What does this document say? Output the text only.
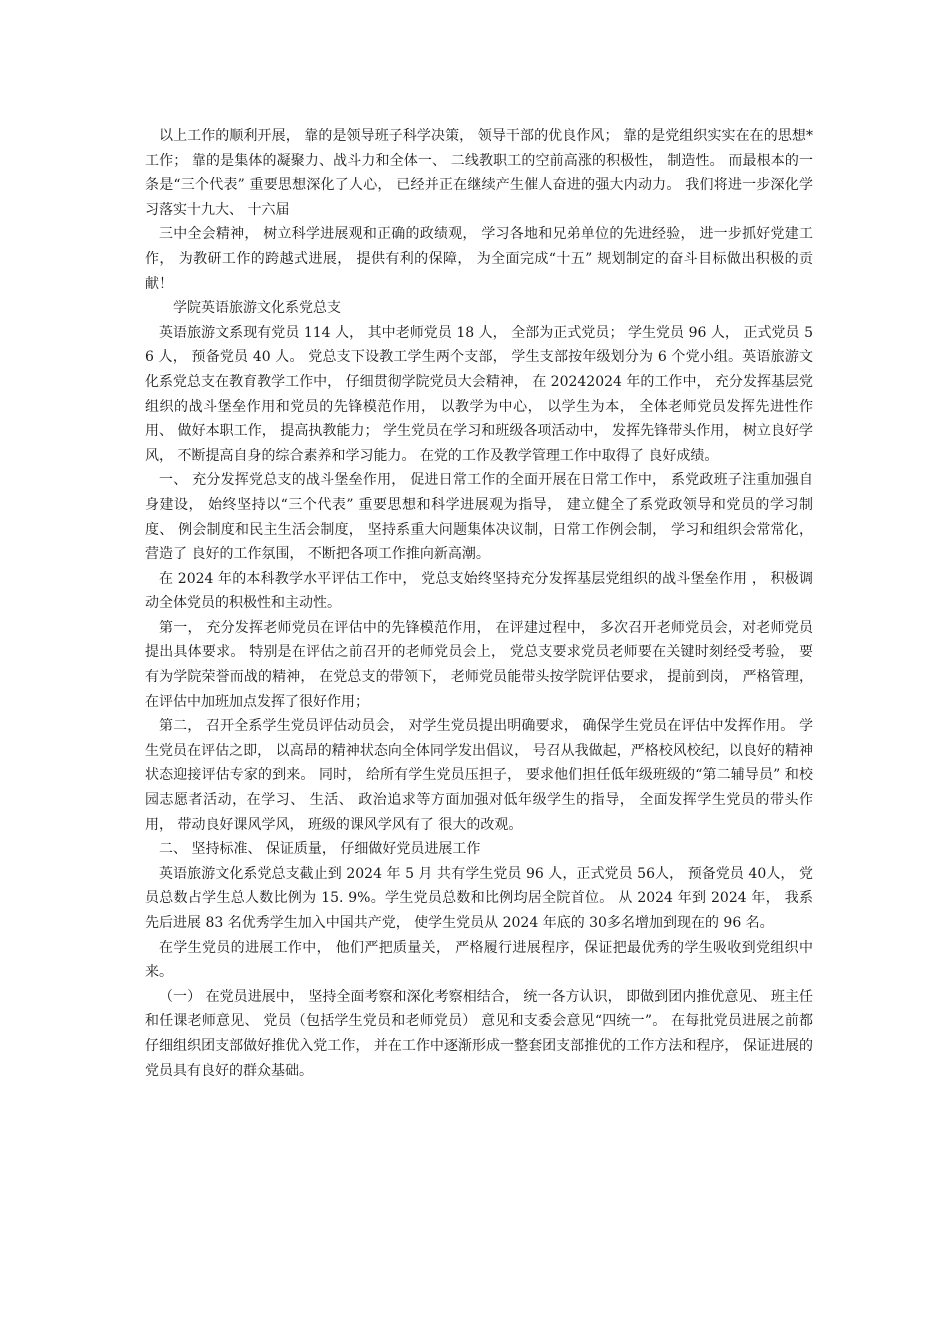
以上工作的顺利开展， 靠的是领导班子科学决策， 领导干部的优良作风； 靠的是党组织实实在在的思想*工作； 靠的是集体的凝聚力、战斗力和全体一、 二线教职工的空前高涨的积极性， 制造性。 而最根本的一条是“三个代表” 重要思想深化了人心， 已经并正在继续产生催人奋进的强大内动力。 我们将进一步深化学习落实十九大、 十六届

三中全会精神， 树立科学进展观和正确的政绩观， 学习各地和兄弟单位的先进经验， 进一步抓好党建工作， 为教研工作的跨越式进展， 提供有利的保障， 为全面完成“十五” 规划制定的奋斗目标做出积极的贡献！

学院英语旅游文化系党总支

英语旅游文系现有党员 114 人， 其中老师党员 18 人， 全部为正式党员； 学生党员 96 人， 正式党员 56 人， 预备党员 40 人。 党总支下设教工学生两个支部， 学生支部按年级划分为 6 个党小组。英语旅游文化系党总支在教育教学工作中， 仔细贯彻学院党员大会精神， 在 20242024 年的工作中， 充分发挥基层党组织的战斗堡垒作用和党员的先锋模范作用， 以教学为中心， 以学生为本， 全体老师党员发挥先进性作用、 做好本职工作， 提高执教能力； 学生党员在学习和班级各项活动中， 发挥先锋带头作用， 树立良好学风， 不断提高自身的综合素养和学习能力。 在党的工作及教学管理工作中取得了 良好成绩。

一、 充分发挥党总支的战斗堡垒作用， 促进日常工作的全面开展在日常工作中， 系党政班子注重加强自身建设， 始终坚持以“三个代表” 重要思想和科学进展观为指导， 建立健全了系党政领导和党员的学习制度、 例会制度和民主生活会制度， 坚持系重大问题集体决议制，日常工作例会制， 学习和组织会常常化， 营造了 良好的工作氛围， 不断把各项工作推向新高潮。

在 2024 年的本科教学水平评估工作中， 党总支始终坚持充分发挥基层党组织的战斗堡垒作用 ， 积极调动全体党员的积极性和主动性。

第一， 充分发挥老师党员在评估中的先锋模范作用， 在评建过程中， 多次召开老师党员会，对老师党员提出具体要求。 特别是在评估之前召开的老师党员会上， 党总支要求党员老师要在关键时刻经受考验， 要有为学院荣誉而战的精神， 在党总支的带领下， 老师党员能带头按学院评估要求， 提前到岗， 严格管理， 在评估中加班加点发挥了很好作用；

第二， 召开全系学生党员评估动员会， 对学生党员提出明确要求， 确保学生党员在评估中发挥作用。 学生党员在评估之即， 以高昂的精神状态向全体同学发出倡议， 号召从我做起，严格校风校纪，以良好的精神状态迎接评估专家的到来。 同时， 给所有学生党员压担子， 要求他们担任低年级班级的“第二辅导员” 和校园志愿者活动，在学习、 生活、 政治追求等方面加强对低年级学生的指导， 全面发挥学生党员的带头作用， 带动良好课风学风， 班级的课风学风有了 很大的改观。

二、 坚持标准、 保证质量， 仔细做好党员进展工作

英语旅游文化系党总支截止到 2024 年 5 月 共有学生党员 96 人，正式党员 56人， 预备党员 40人， 党员总数占学生总人数比例为 15. 9%。学生党员总数和比例均居全院首位。 从 2024 年到 2024 年， 我系先后进展 83 名优秀学生加入中国共产党， 使学生党员从 2024 年底的 30多名增加到现在的 96 名。

在学生党员的进展工作中， 他们严把质量关， 严格履行进展程序，保证把最优秀的学生吸收到党组织中来。

（一） 在党员进展中， 坚持全面考察和深化考察相结合， 统一各方认识， 即做到团内推优意见、 班主任和任课老师意见、 党员（包括学生党员和老师党员） 意见和支委会意见“四统一”。 在每批党员进展之前都仔细组织团支部做好推优入党工作， 并在工作中逐渐形成一整套团支部推优的工作方法和程序， 保证进展的党员具有良好的群众基础。
